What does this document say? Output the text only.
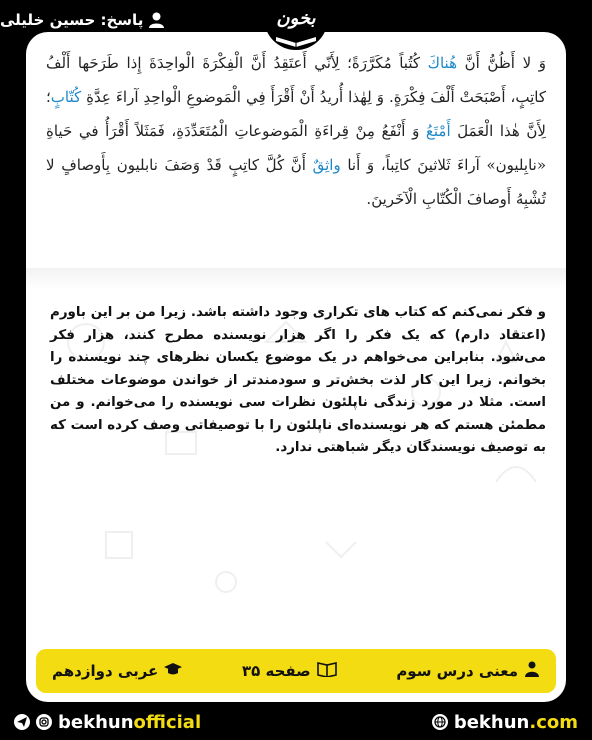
پاسخ: حسین خلیلی	بخون

وَ لا أَظُنُّ أَنَّ هُناكَ كُتُباً مُكَرَّرَةً؛ لِأَنّي أَعتَقِدُ أَنَّ الْفِكْرَةَ الْواحِدَةَ إِذا طَرَحَها أَلْفُ كاتِبٍ، أَصْبَحَتْ أَلْفَ فِكْرَةٍ. وَ لِهٰذا أُريدُ أَنْ أَقْرَأَ فِي الْمَوضوعِ الْواحِدِ آراءَ عِدَّةِ كُتّابٍ؛ لِأَنَّ هٰذا الْعَمَلَ أَمْتَعُ وَ أَنْفَعُ مِنْ قِراءَةِ الْمَوضوعاتِ الْمُتَعَدِّدَةِ، فَمَثَلاً أَقْرَأُ في حَياةِ «نابِليون» آراءَ ثَلاثينَ كاتِباً، وَ أَنا واثِقٌ أَنَّ كُلَّ كاتِبٍ قَدْ وَصَفَ نابليون بِأَوصافٍ لا تُشْبِهُ أَوصافَ الْكُتّابِ الْآخَرينَ.

و فکر نمی‌کنم که کتاب های تکراری وجود داشته باشد. زیرا من بر این باورم (اعتقاد دارم) که یک فکر را اگر هزار نویسنده مطرح کنند، هزار فکر می‌شود. بنابراین می‌خواهم در یک موضوع یکسان نظرهای چند نویسنده را بخوانم. زیرا این کار لذت بخش‌تر و سودمندتر از خواندن موضوعات مختلف است. مثلا در مورد زندگی ناپلئون نظرات سی نویسنده را می‌خوانم. و من مطمئن هستم که هر نویسنده‌ای ناپلئون را با توصیفاتی وصف کرده است که به توصیف نویسندگان دیگر شباهتی ندارد.

معنی درس سوم
صفحه ۳۵
عربی دوازدهم
bekhunofficial	bekhun.com
